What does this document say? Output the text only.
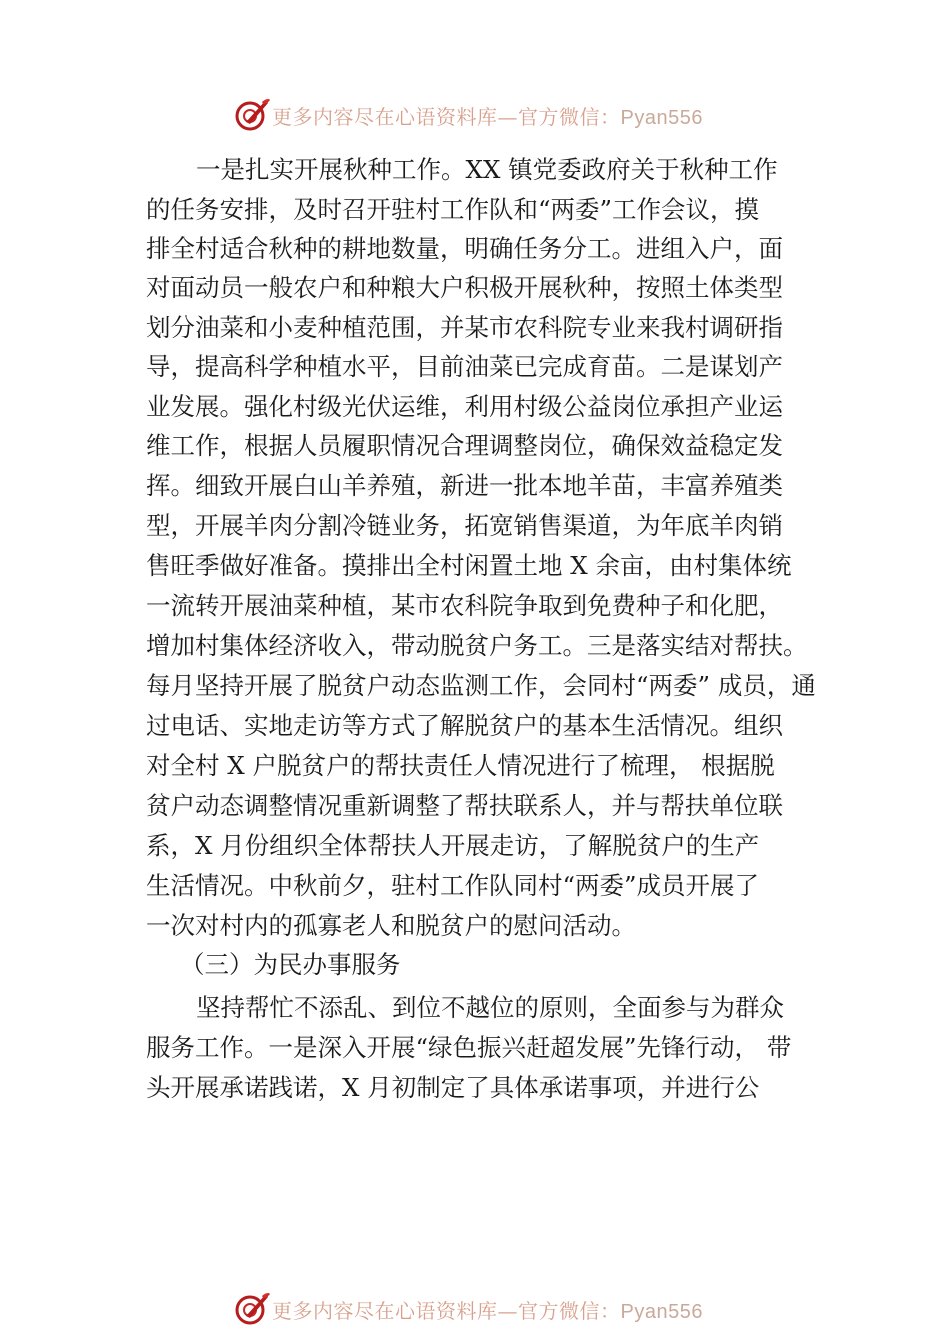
更多内容尽在心语资料库—官方微信：Pyan556
一是扎实开展秋种工作。XX 镇党委政府关于秋种工作
的任务安排，及时召开驻村工作队和“两委”工作会议，摸
排全村适合秋种的耕地数量，明确任务分工。进组入户，面
对面动员一般农户和种粮大户积极开展秋种，按照土体类型
划分油菜和小麦种植范围，并某市农科院专业来我村调研指
导，提高科学种植水平，目前油菜已完成育苗。二是谋划产
业发展。强化村级光伏运维，利用村级公益岗位承担产业运
维工作，根据人员履职情况合理调整岗位，确保效益稳定发
挥。细致开展白山羊养殖，新进一批本地羊苗，丰富养殖类
型，开展羊肉分割冷链业务，拓宽销售渠道，为年底羊肉销
售旺季做好准备。摸排出全村闲置土地 X 余亩，由村集体统
一流转开展油菜种植，某市农科院争取到免费种子和化肥，
增加村集体经济收入，带动脱贫户务工。三是落实结对帮扶。
每月坚持开展了脱贫户动态监测工作，会同村“两委” 成员，通
过电话、实地走访等方式了解脱贫户的基本生活情况。组织
对全村 X 户脱贫户的帮扶责任人情况进行了梳理， 根据脱
贫户动态调整情况重新调整了帮扶联系人，并与帮扶单位联
系，X 月份组织全体帮扶人开展走访，了解脱贫户的生产
生活情况。中秋前夕，驻村工作队同村“两委”成员开展了
一次对村内的孤寡老人和脱贫户的慰问活动。
（三）为民办事服务
坚持帮忙不添乱、到位不越位的原则，全面参与为群众
服务工作。一是深入开展“绿色振兴赶超发展”先锋行动， 带
头开展承诺践诺，X 月初制定了具体承诺事项，并进行公
更多内容尽在心语资料库—官方微信：Pyan556
